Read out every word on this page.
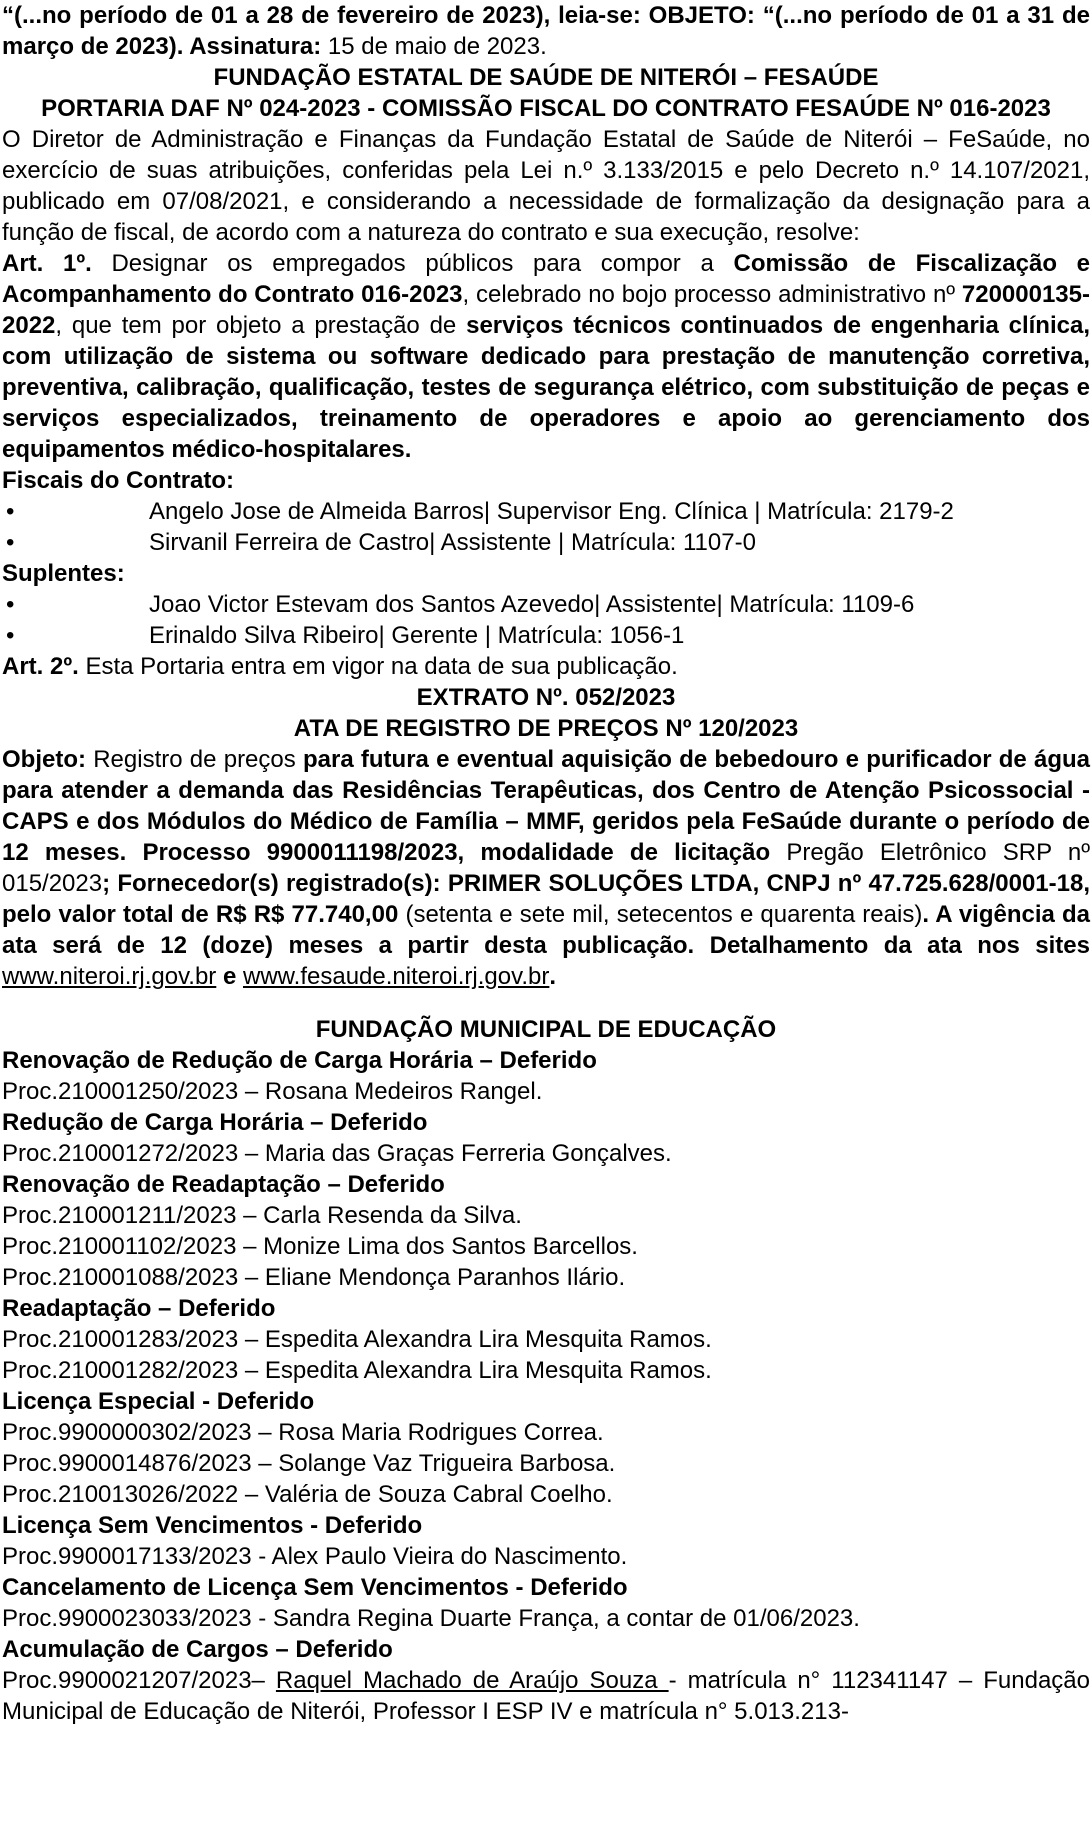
“(...no período de 01 a 28 de fevereiro de 2023), leia-se: OBJETO: “(...no período de 01 a 31 de março de 2023). Assinatura: 15 de maio de 2023.

FUNDAÇÃO ESTATAL DE SAÚDE DE NITERÓI – FESAÚDE

PORTARIA DAF Nº 024-2023 - COMISSÃO FISCAL DO CONTRATO FESAÚDE Nº 016-2023

O Diretor de Administração e Finanças da Fundação Estatal de Saúde de Niterói – FeSaúde, no exercício de suas atribuições, conferidas pela Lei n.º 3.133/2015 e pelo Decreto n.º 14.107/2021, publicado em 07/08/2021, e considerando a necessidade de formalização da designação para a função de fiscal, de acordo com a natureza do contrato e sua execução, resolve:

Art. 1º. Designar os empregados públicos para compor a Comissão de Fiscalização e Acompanhamento do Contrato 016-2023, celebrado no bojo processo administrativo nº 720000135-2022, que tem por objeto a prestação de serviços técnicos continuados de engenharia clínica, com utilização de sistema ou software dedicado para prestação de manutenção corretiva, preventiva, calibração, qualificação, testes de segurança elétrico, com substituição de peças e serviços especializados, treinamento de operadores e apoio ao gerenciamento dos equipamentos médico-hospitalares.

Fiscais do Contrato:

•	Angelo Jose de Almeida Barros| Supervisor Eng. Clínica | Matrícula: 2179-2
•	Sirvanil Ferreira de Castro| Assistente | Matrícula: 1107-0

Suplentes:

•	Joao Victor Estevam dos Santos Azevedo| Assistente| Matrícula: 1109-6
•	Erinaldo Silva Ribeiro| Gerente | Matrícula: 1056-1

Art. 2º. Esta Portaria entra em vigor na data de sua publicação.

EXTRATO Nº. 052/2023

ATA DE REGISTRO DE PREÇOS Nº 120/2023

Objeto: Registro de preços para futura e eventual aquisição de bebedouro e purificador de água para atender a demanda das Residências Terapêuticas, dos Centro de Atenção Psicossocial - CAPS e dos Módulos do Médico de Família – MMF, geridos pela FeSaúde durante o período de 12 meses. Processo 9900011198/2023, modalidade de licitação Pregão Eletrônico SRP nº 015/2023; Fornecedor(s) registrado(s): PRIMER SOLUÇÕES LTDA, CNPJ nº 47.725.628/0001-18, pelo valor total de R$ R$ 77.740,00 (setenta e sete mil, setecentos e quarenta reais). A vigência da ata será de 12 (doze) meses a partir desta publicação. Detalhamento da ata nos sites www.niteroi.rj.gov.br e www.fesaude.niteroi.rj.gov.br.

FUNDAÇÃO MUNICIPAL DE EDUCAÇÃO

Renovação de Redução de Carga Horária – Deferido

Proc.210001250/2023 – Rosana Medeiros Rangel.

Redução de Carga Horária – Deferido

Proc.210001272/2023 – Maria das Graças Ferreria Gonçalves.

Renovação de Readaptação – Deferido

Proc.210001211/2023 – Carla Resenda da Silva.

Proc.210001102/2023 – Monize Lima dos Santos Barcellos.

Proc.210001088/2023 – Eliane Mendonça Paranhos Ilário.

Readaptação – Deferido

Proc.210001283/2023 – Espedita Alexandra Lira Mesquita Ramos.

Proc.210001282/2023 – Espedita Alexandra Lira Mesquita Ramos.

Licença Especial - Deferido

Proc.9900000302/2023 – Rosa Maria Rodrigues Correa.

Proc.9900014876/2023 – Solange Vaz Trigueira Barbosa.

Proc.210013026/2022 – Valéria de Souza Cabral Coelho.

Licença Sem Vencimentos - Deferido

Proc.9900017133/2023 - Alex Paulo Vieira do Nascimento.

Cancelamento de Licença Sem Vencimentos - Deferido

Proc.9900023033/2023 - Sandra Regina Duarte França, a contar de 01/06/2023.

Acumulação de Cargos – Deferido

Proc.9900021207/2023– Raquel Machado de Araújo Souza - matrícula n° 112341147 – Fundação Municipal de Educação de Niterói, Professor I ESP IV e matrícula n° 5.013.213-
